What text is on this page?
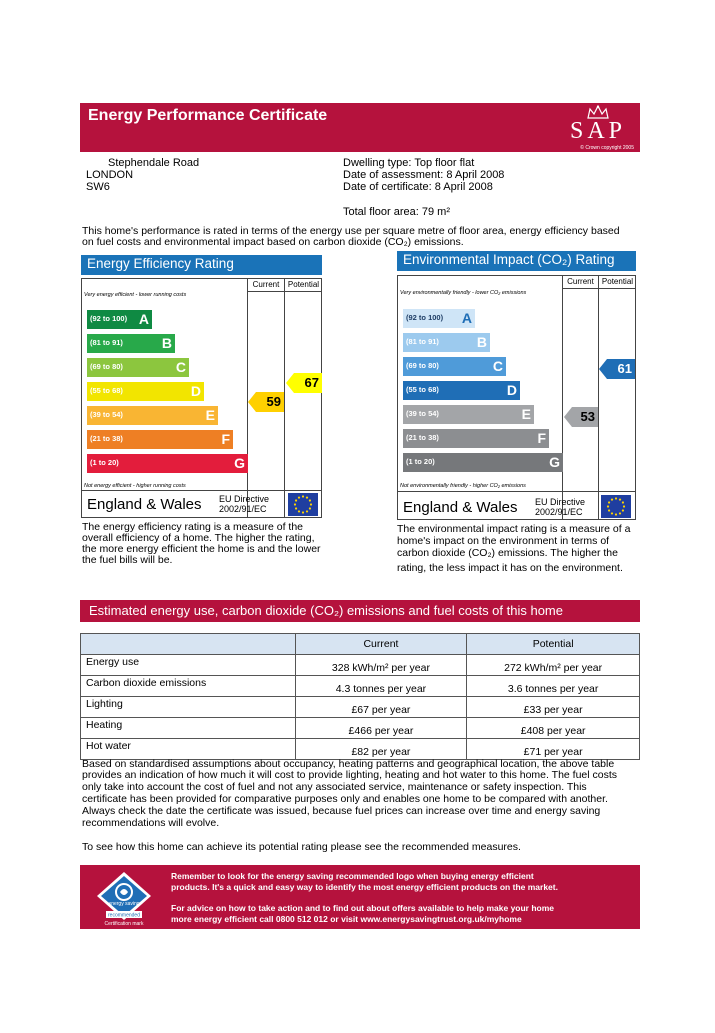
Energy Performance Certificate
SAP
© Crown copyright 2005
Stephendale Road
LONDON
SW6
Dwelling type: Top floor flat
Date of assessment: 8 April 2008
Date of certificate: 8 April 2008
Total floor area: 79 m²
This home's performance is rated in terms of the energy use per square metre of floor area, energy efficiency based
on fuel costs and environmental impact based on carbon dioxide (CO₂) emissions.
Energy Efficiency Rating
Current	Potential
Very energy efficient - lower running costs
(92 to 100) A
(81 to 91)	B
(69 to 80)	C
(55 to 68)	D
(39 to 54)	E
(21 to 38)	F
(1 to 20)	G
Not energy efficient - higher running costs
England & Wales EU Directive
2002/91/EC
59
67
The energy efficiency rating is a measure of the
overall efficiency of a home. The higher the rating,
the more energy efficient the home is and the lower
the fuel bills will be.
Environmental Impact (CO₂) Rating
Current	Potential
Very environmentally friendly - lower CO₂ emissions
(92 to 100) A
(81 to 91)	B
(69 to 80)	C
(55 to 68)	D
(39 to 54)	E
(21 to 38)	F
(1 to 20)	G
Not environmentally friendly - higher CO₂ emissions
England & Wales EU Directive
2002/91/EC
53
61
The environmental impact rating is a measure of a
home's impact on the environment in terms of
carbon dioxide (CO₂) emissions. The higher the
rating, the less impact it has on the environment.
Estimated energy use, carbon dioxide (CO₂) emissions and fuel costs of this home
	Current	Potential
Energy use	328 kWh/m² per year	272 kWh/m² per year
Carbon dioxide emissions	4.3 tonnes per year	3.6 tonnes per year
Lighting	£67 per year	£33 per year
Heating	£466 per year	£408 per year
Hot water	£82 per year	£71 per year
Based on standardised assumptions about occupancy, heating patterns and geographical location, the above table
provides an indication of how much it will cost to provide lighting, heating and hot water to this home. The fuel costs
only take into account the cost of fuel and not any associated service, maintenance or safety inspection. This
certificate has been provided for comparative purposes only and enables one home to be compared with another.
Always check the date the certificate was issued, because fuel prices can increase over time and energy saving
recommendations will evolve.
To see how this home can achieve its potential rating please see the recommended measures.
energy saving
recommended
Certification mark
Remember to look for the energy saving recommended logo when buying energy efficient
products. It's a quick and easy way to identify the most energy efficient products on the market.
For advice on how to take action and to find out about offers available to help make your home
more energy efficient call 0800 512 012 or visit www.energysavingtrust.org.uk/myhome
